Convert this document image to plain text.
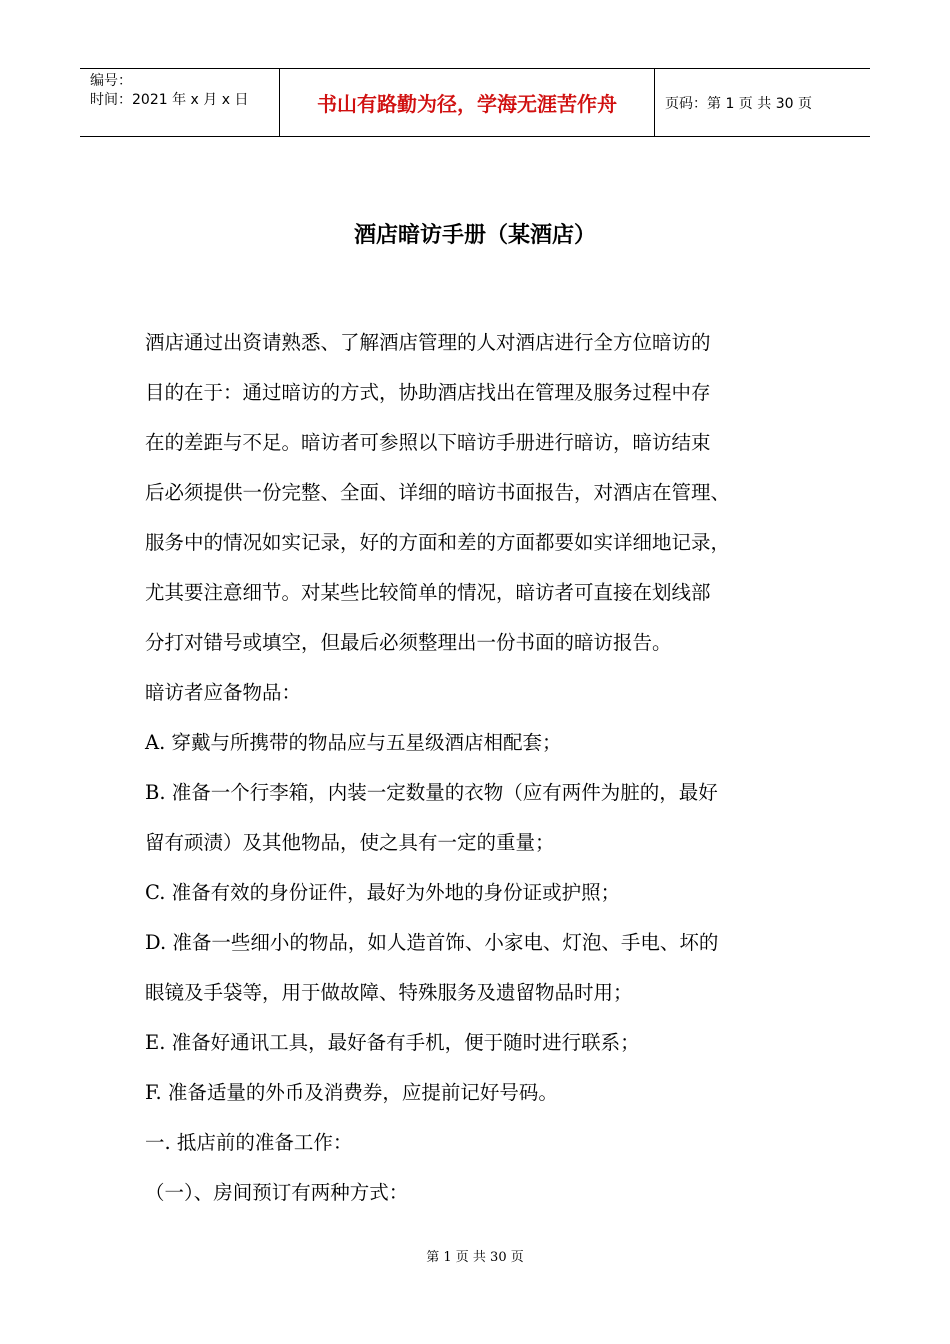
编号：
时间：2021 年 x 月 x 日	书山有路勤为径，学海无涯苦作舟	页码：第 1 页 共 30 页
酒店暗访手册（某酒店）

酒店通过出资请熟悉、了解酒店管理的人对酒店进行全方位暗访的

目的在于：通过暗访的方式，协助酒店找出在管理及服务过程中存

在的差距与不足。暗访者可参照以下暗访手册进行暗访，暗访结束

后必须提供一份完整、全面、详细的暗访书面报告，对酒店在管理、

服务中的情况如实记录，好的方面和差的方面都要如实详细地记录，

尤其要注意细节。对某些比较简单的情况，暗访者可直接在划线部

分打对错号或填空，但最后必须整理出一份书面的暗访报告。

暗访者应备物品：

A. 穿戴与所携带的物品应与五星级酒店相配套；

B. 准备一个行李箱，内装一定数量的衣物（应有两件为脏的，最好

留有顽渍）及其他物品，使之具有一定的重量；

C. 准备有效的身份证件，最好为外地的身份证或护照；

D. 准备一些细小的物品，如人造首饰、小家电、灯泡、手电、坏的

眼镜及手袋等，用于做故障、特殊服务及遗留物品时用；

E. 准备好通讯工具，最好备有手机，便于随时进行联系；

F. 准备适量的外币及消费券，应提前记好号码。

一. 抵店前的准备工作：

（一）、房间预订有两种方式：

第 1 页 共 30 页
